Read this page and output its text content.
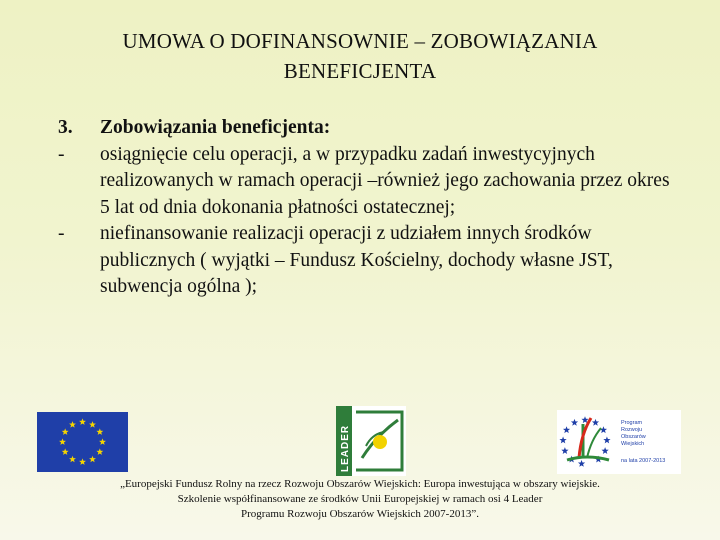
UMOWA O DOFINANSOWNIE – ZOBOWIĄZANIA
BENEFICJENTA
3.	Zobowiązania beneficjenta:
-	osiągnięcie celu operacji, a w przypadku zadań inwestycyjnych realizowanych w ramach operacji –również jego zachowania przez okres 5 lat od dnia dokonania płatności ostatecznej;
-	niefinansowanie realizacji operacji z udziałem innych środków publicznych ( wyjątki – Fundusz Kościelny, dochody własne JST, subwencja ogólna );
LEADER
Program Rozwoju Obszarów Wiejskich
na lata 2007-2013
„Europejski Fundusz Rolny na rzecz Rozwoju Obszarów Wiejskich: Europa inwestująca w obszary wiejskie.
Szkolenie współfinansowane ze środków Unii Europejskiej w ramach osi 4 Leader
Programu Rozwoju Obszarów Wiejskich 2007-2013”.
